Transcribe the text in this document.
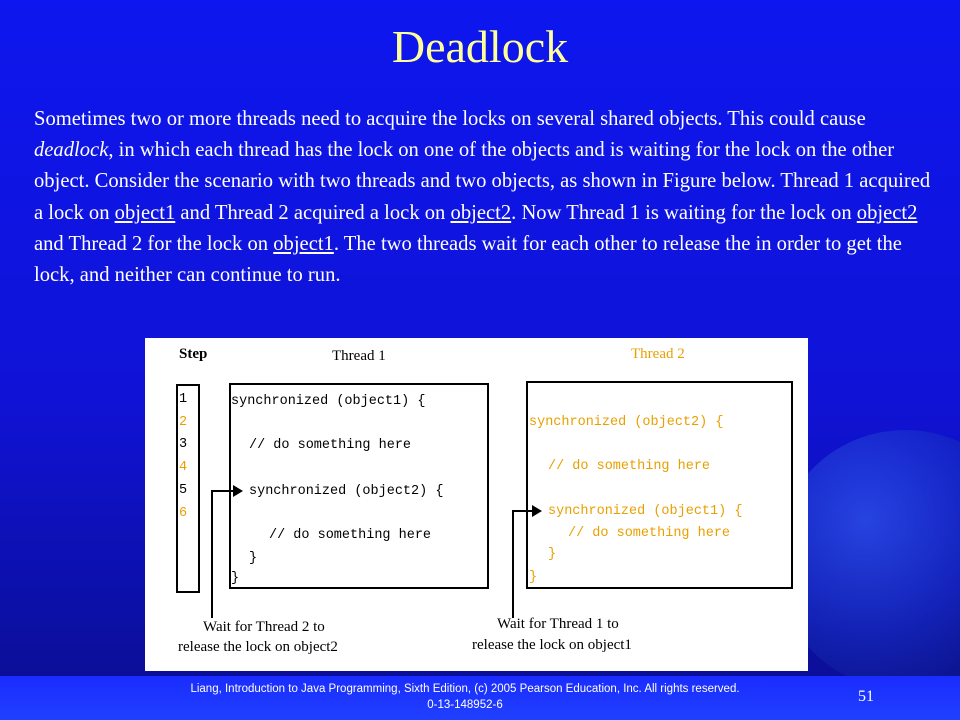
Deadlock
Sometimes two or more threads need to acquire the locks on several shared objects. This could cause deadlock, in which each thread has the lock on one of the objects and is waiting for the lock on the other object. Consider the scenario with two threads and two objects, as shown in Figure below. Thread 1 acquired a lock on object1 and Thread 2 acquired a lock on object2. Now Thread 1 is waiting for the lock on object2 and Thread 2 for the lock on object1. The two threads wait for each other to release the in order to get the lock, and neither can continue to run.
Step	Thread 1	Thread 2
1
2
3
4
5
6
synchronized (object1) {
// do something here
synchronized (object2) {
// do something here
}
}
synchronized (object2) {
// do something here
synchronized (object1) {
// do something here
}
}
Wait for Thread 2 to
release the lock on object2
Wait for Thread 1 to
release the lock on object1
Liang, Introduction to Java Programming, Sixth Edition, (c) 2005 Pearson Education, Inc. All rights reserved. 0-13-148952-6	51
